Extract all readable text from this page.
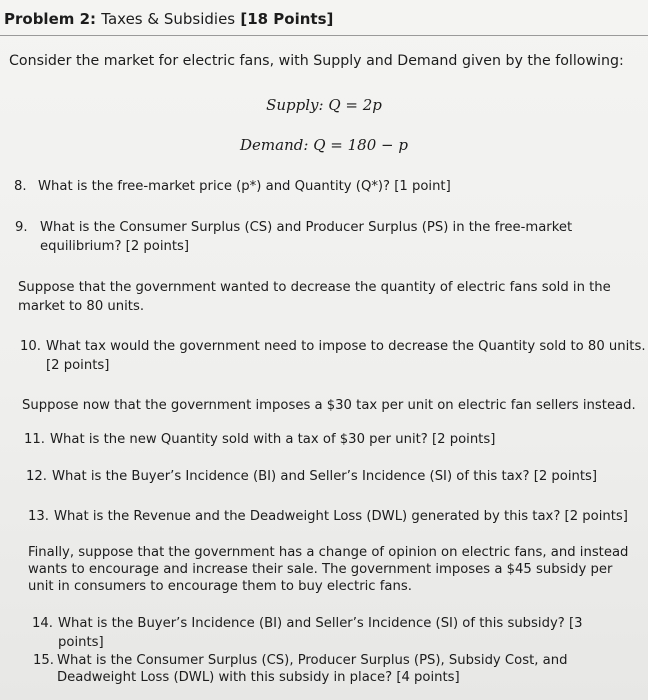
Problem 2: Taxes & Subsidies [18 Points]
Consider the market for electric fans, with Supply and Demand given by the following:
Supply: Q = 2p
Demand: Q = 180 − p
8. What is the free-market price (p*) and Quantity (Q*)? [1 point]
9. What is the Consumer Surplus (CS) and Producer Surplus (PS) in the free-market equilibrium? [2 points]
Suppose that the government wanted to decrease the quantity of electric fans sold in the market to 80 units.
10. What tax would the government need to impose to decrease the Quantity sold to 80 units. [2 points]
Suppose now that the government imposes a $30 tax per unit on electric fan sellers instead.
11. What is the new Quantity sold with a tax of $30 per unit? [2 points]
12. What is the Buyer’s Incidence (BI) and Seller’s Incidence (SI) of this tax? [2 points]
13. What is the Revenue and the Deadweight Loss (DWL) generated by this tax? [2 points]
Finally, suppose that the government has a change of opinion on electric fans, and instead wants to encourage and increase their sale. The government imposes a $45 subsidy per unit in consumers to encourage them to buy electric fans.
14. What is the Buyer’s Incidence (BI) and Seller’s Incidence (SI) of this subsidy? [3 points]
15. What is the Consumer Surplus (CS), Producer Surplus (PS), Subsidy Cost, and Deadweight Loss (DWL) with this subsidy in place? [4 points]
